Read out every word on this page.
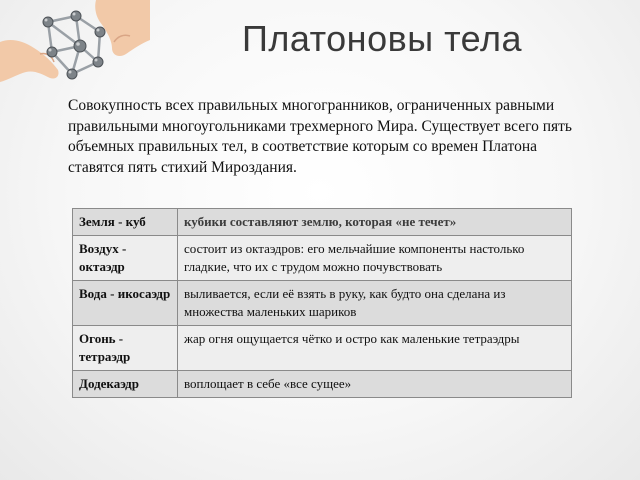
Платоновы тела
Совокупность всех правильных многогранников, ограниченных равными правильными многоугольниками трехмерного Мира. Существует всего пять объемных правильных тел, в соответствие которым со времен Платона ставятся пять стихий Мироздания.
Земля - куб	кубики составляют землю, которая «не течет»
Воздух - октаэдр	состоит из октаэдров: его мельчайшие компоненты настолько гладкие, что их с трудом можно почувствовать
Вода - икосаэдр	выливается, если её взять в руку, как будто она сделана из множества маленьких шариков
Огонь - тетраэдр	жар огня ощущается чётко и остро как маленькие тетраэдры
Додекаэдр	воплощает в себе «все сущее»
